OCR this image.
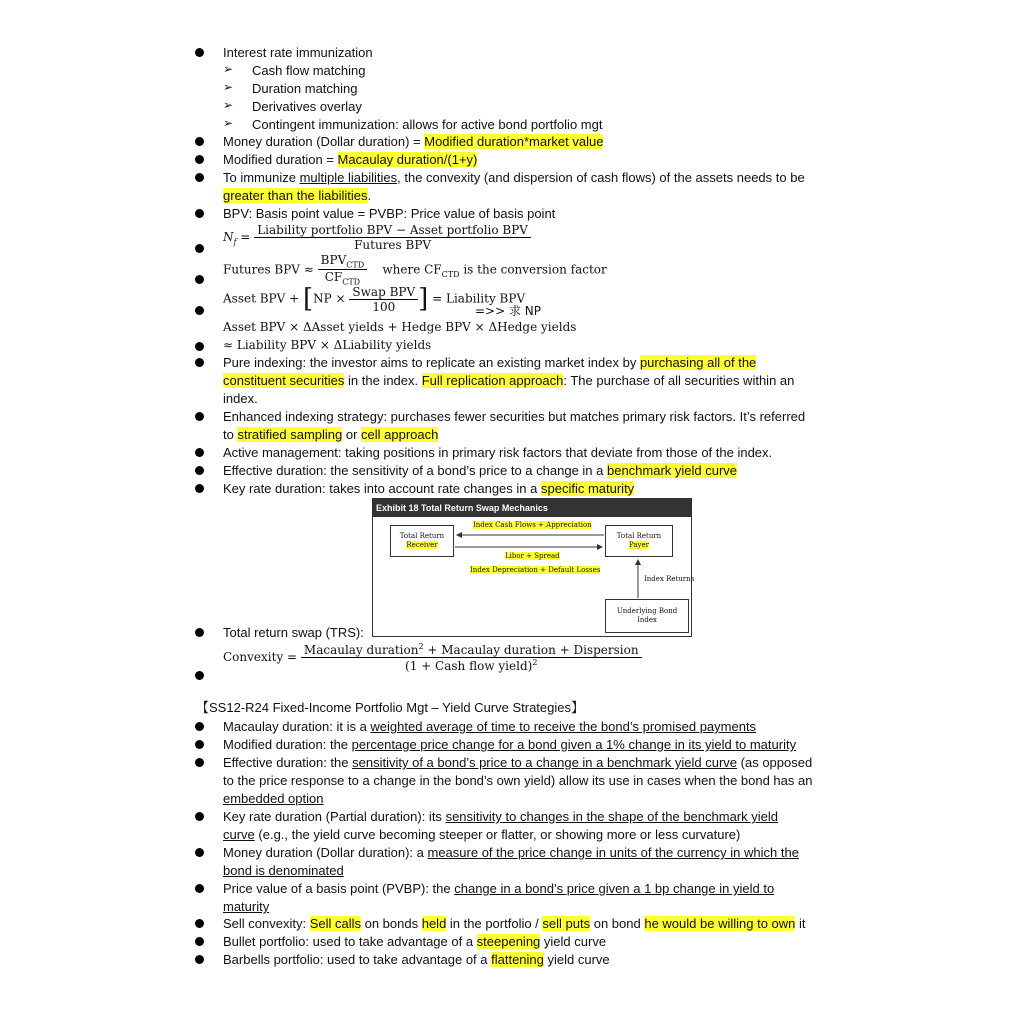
Interest rate immunization
➢ Cash flow matching
➢ Duration matching
➢ Derivatives overlay
➢ Contingent immunization: allows for active bond portfolio mgt
Money duration (Dollar duration) = Modified duration*market value
Modified duration = Macaulay duration/(1+y)
To immunize multiple liabilities, the convexity (and dispersion of cash flows) of the assets needs to be
greater than the liabilities.
BPV: Basis point value = PVBP: Price value of basis point
$N_f = \frac{\text{Liability portfolio BPV − Asset portfolio BPV}}{\text{Futures BPV}}$
Futures BPV ≈ $\frac{BPV_{CTD}}{CF_{CTD}}$ where $CF_{CTD}$ is the conversion factor
Asset BPV + [$NP \times \frac{\text{Swap BPV}}{100}$ ] = Liability BPV
=>> 求 NP
Asset BPV × ΔAsset yields + Hedge BPV × ΔHedge yields
≈ Liability BPV × ΔLiability yields
Pure indexing: the investor aims to replicate an existing market index by purchasing all of the
constituent securities in the index. Full replication approach: The purchase of all securities within an
index.
Enhanced indexing strategy: purchases fewer securities but matches primary risk factors. It’s referred
to stratified sampling or cell approach
Active management: taking positions in primary risk factors that deviate from those of the index.
Effective duration: the sensitivity of a bond’s price to a change in a benchmark yield curve
Key rate duration: takes into account rate changes in a specific maturity
Exhibit 18 Total Return Swap Mechanics
Total Return
Receiver
Total Return
Payer
Underlying Bond
Index
Index Cash Flows + Appreciation
Libor + Spread
Index Depreciation + Default Losses
Index Returns
Total return swap (TRS):
Convexity = $\frac{Macaulay duration^2 + Macaulay duration + Dispersion}{(1 + Cash flow yield)^2}$
【SS12-R24 Fixed-Income Portfolio Mgt – Yield Curve Strategies】
Macaulay duration: it is a weighted average of time to receive the bond’s promised payments
Modified duration: the percentage price change for a bond given a 1% change in its yield to maturity
Effective duration: the sensitivity of a bond’s price to a change in a benchmark yield curve (as opposed
to the price response to a change in the bond’s own yield) allow its use in cases when the bond has an
embedded option
Key rate duration (Partial duration): its sensitivity to changes in the shape of the benchmark yield
curve (e.g., the yield curve becoming steeper or flatter, or showing more or less curvature)
Money duration (Dollar duration): a measure of the price change in units of the currency in which the
bond is denominated
Price value of a basis point (PVBP): the change in a bond’s price given a 1 bp change in yield to
maturity
Sell convexity: Sell calls on bonds held in the portfolio / sell puts on bond he would be willing to own it
Bullet portfolio: used to take advantage of a steepening yield curve
Barbells portfolio: used to take advantage of a flattening yield curve
